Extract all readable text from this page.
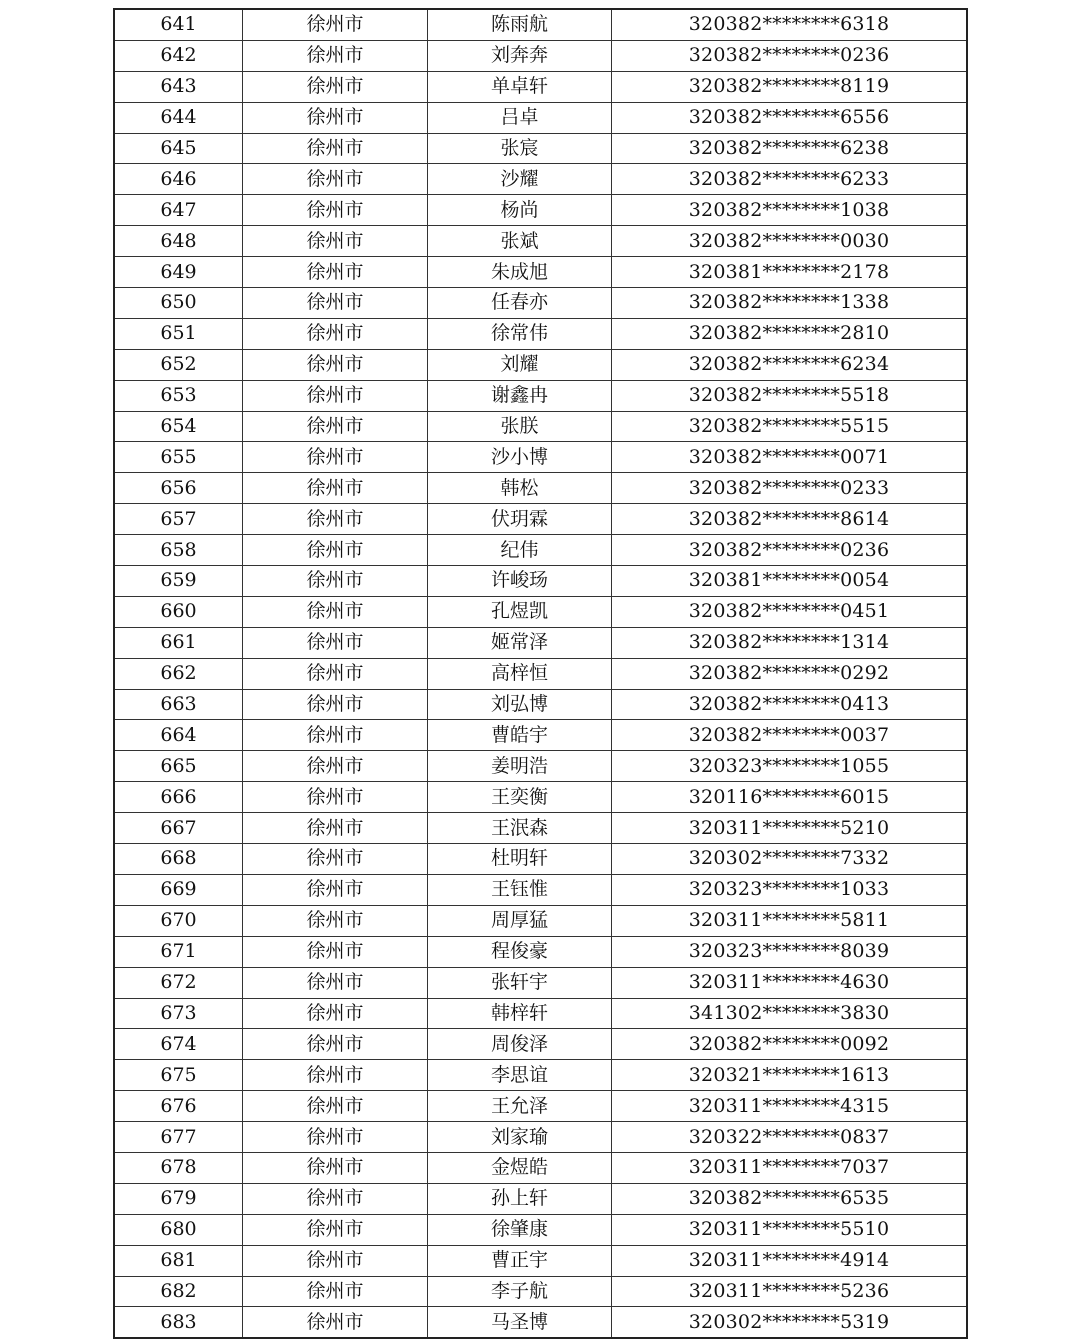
641	徐州市	陈雨航	320382********6318
642	徐州市	刘奔奔	320382********0236
643	徐州市	单卓轩	320382********8119
644	徐州市	吕卓	320382********6556
645	徐州市	张宸	320382********6238
646	徐州市	沙耀	320382********6233
647	徐州市	杨尚	320382********1038
648	徐州市	张斌	320382********0030
649	徐州市	朱成旭	320381********2178
650	徐州市	任春亦	320382********1338
651	徐州市	徐常伟	320382********2810
652	徐州市	刘耀	320382********6234
653	徐州市	谢鑫冉	320382********5518
654	徐州市	张朕	320382********5515
655	徐州市	沙小博	320382********0071
656	徐州市	韩松	320382********0233
657	徐州市	伏玥霖	320382********8614
658	徐州市	纪伟	320382********0236
659	徐州市	许峻玚	320381********0054
660	徐州市	孔煜凯	320382********0451
661	徐州市	姬常泽	320382********1314
662	徐州市	高梓恒	320382********0292
663	徐州市	刘弘博	320382********0413
664	徐州市	曹皓宇	320382********0037
665	徐州市	姜明浩	320323********1055
666	徐州市	王奕衡	320116********6015
667	徐州市	王泯森	320311********5210
668	徐州市	杜明轩	320302********7332
669	徐州市	王钰惟	320323********1033
670	徐州市	周厚猛	320311********5811
671	徐州市	程俊豪	320323********8039
672	徐州市	张轩宇	320311********4630
673	徐州市	韩梓轩	341302********3830
674	徐州市	周俊泽	320382********0092
675	徐州市	李思谊	320321********1613
676	徐州市	王允泽	320311********4315
677	徐州市	刘家瑜	320322********0837
678	徐州市	金煜皓	320311********7037
679	徐州市	孙上轩	320382********6535
680	徐州市	徐肇康	320311********5510
681	徐州市	曹正宇	320311********4914
682	徐州市	李子航	320311********5236
683	徐州市	马圣博	320302********5319
